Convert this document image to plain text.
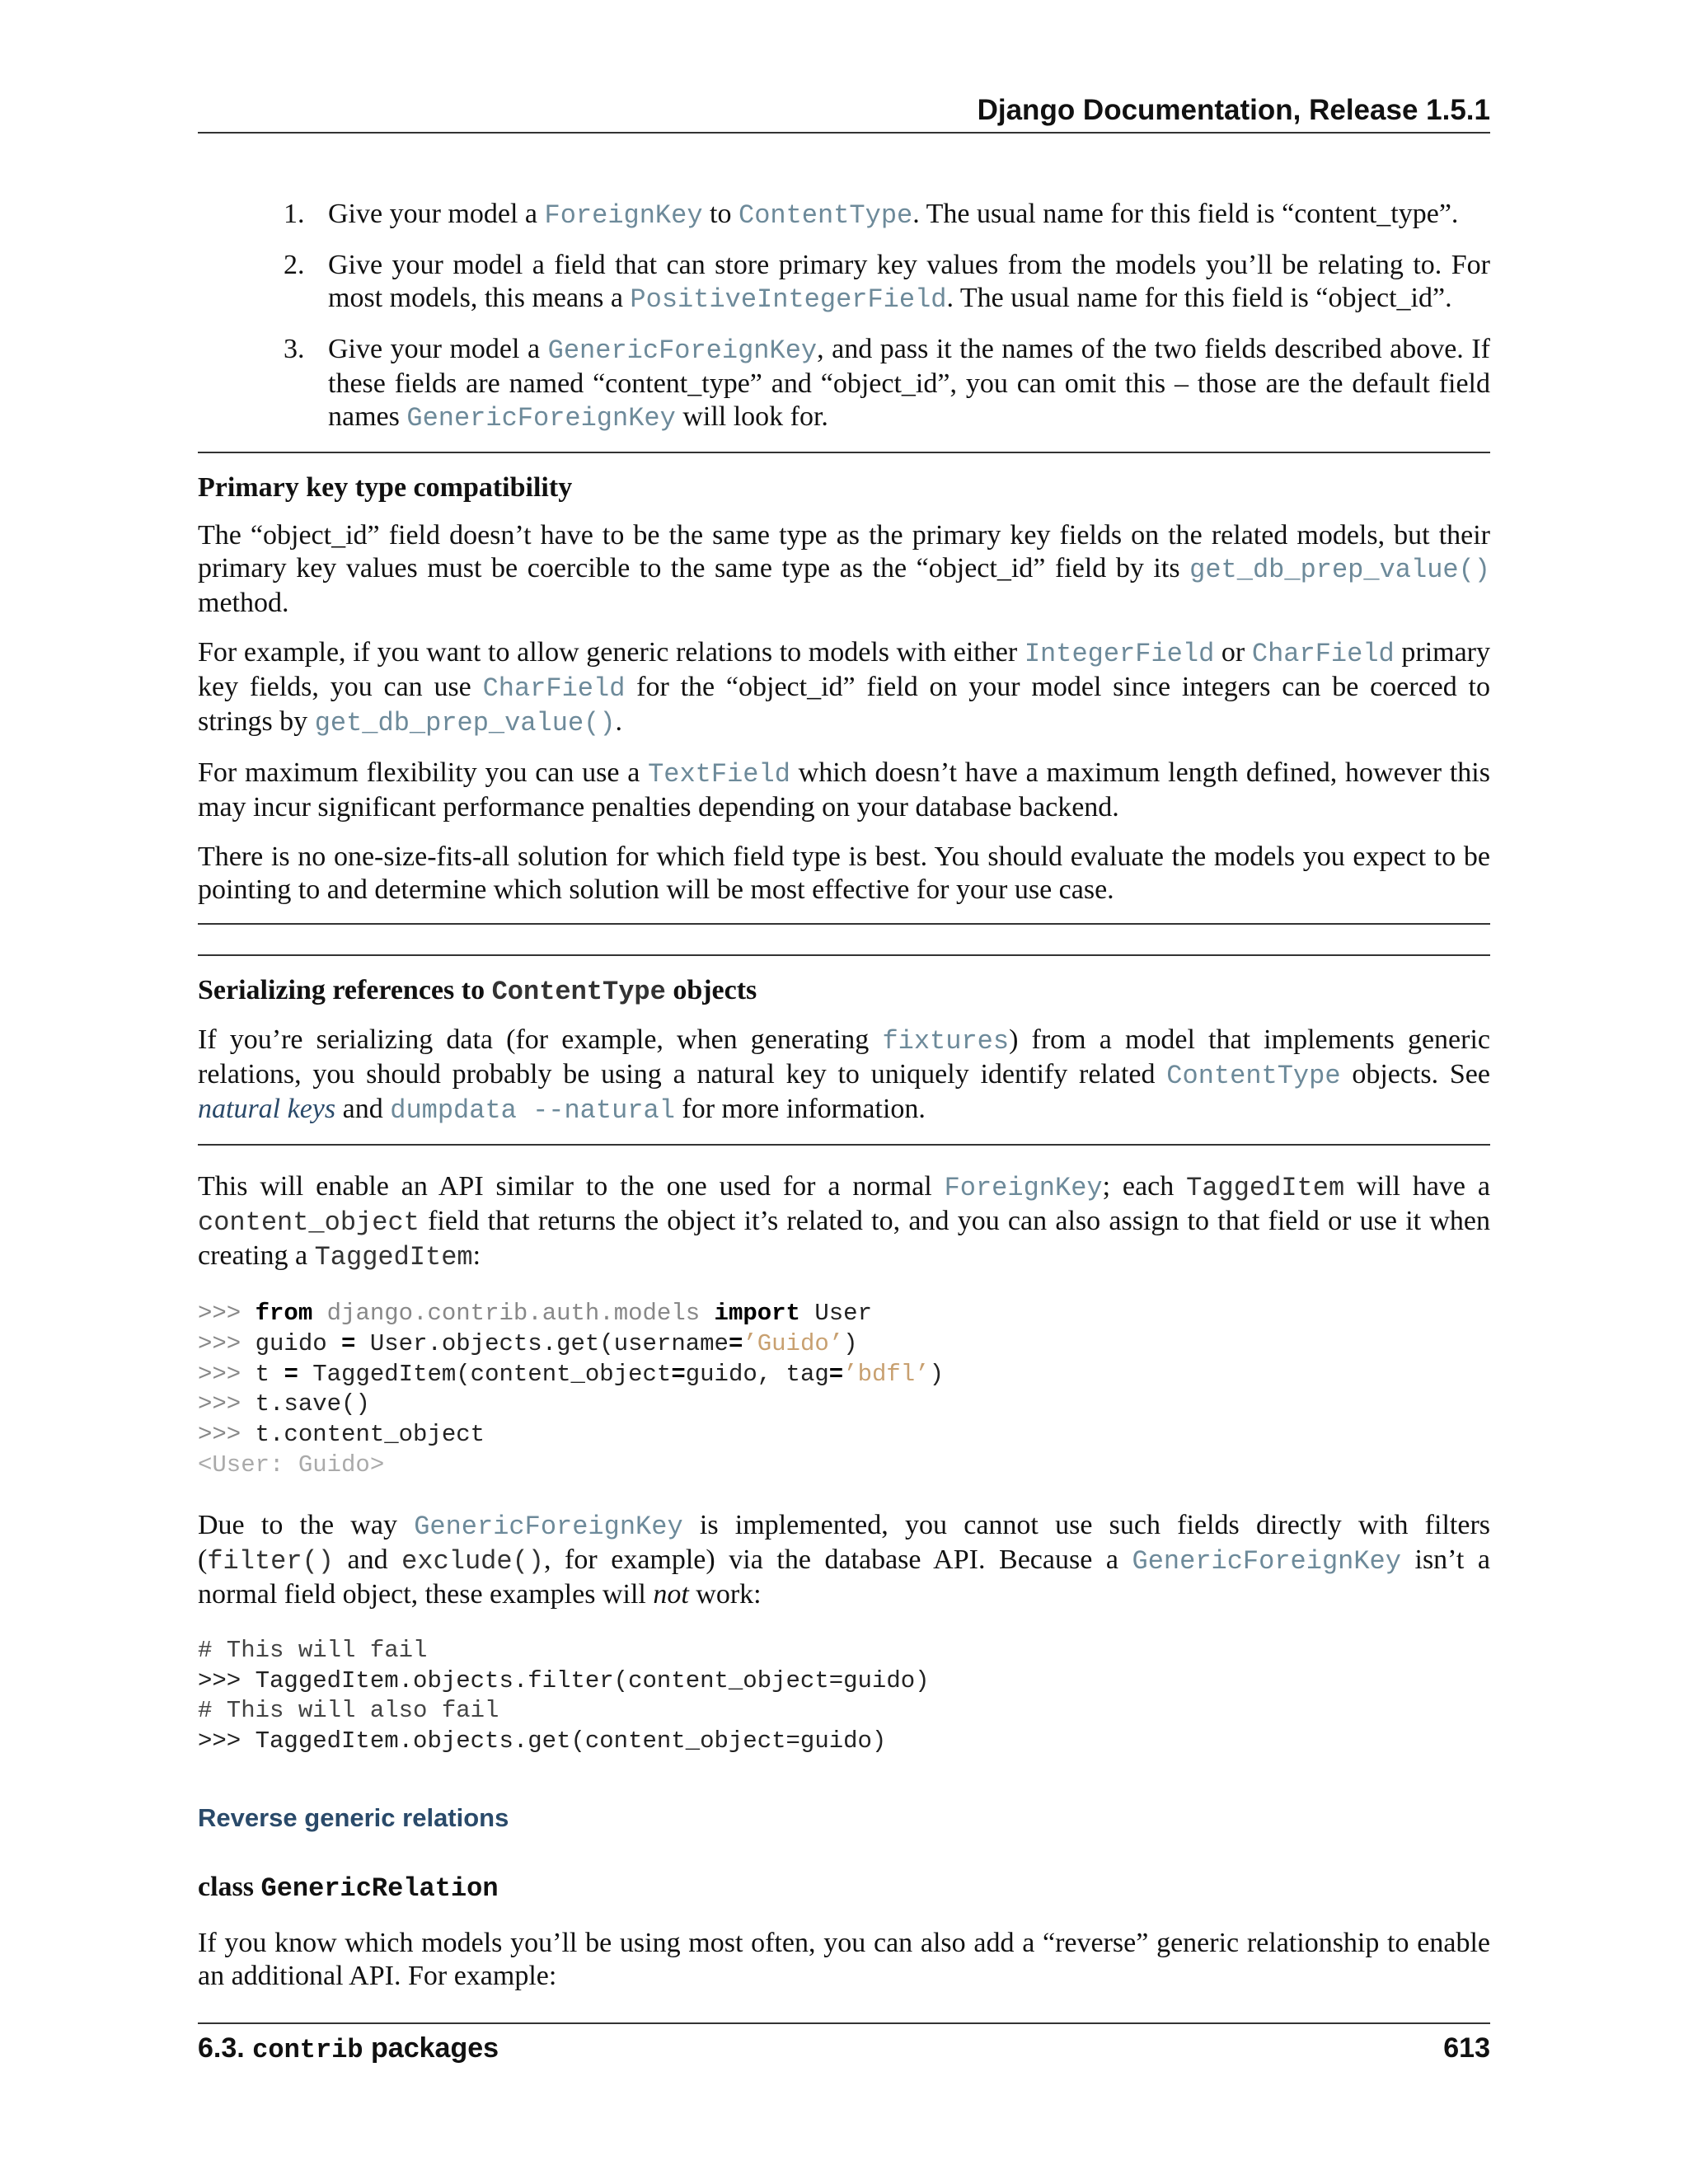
Django Documentation, Release 1.5.1
1. Give your model a ForeignKey to ContentType. The usual name for this field is “content_type”.
2. Give your model a field that can store primary key values from the models you’ll be relating to. For most models, this means a PositiveIntegerField. The usual name for this field is “object_id”.
3. Give your model a GenericForeignKey, and pass it the names of the two fields described above. If these fields are named “content_type” and “object_id”, you can omit this – those are the default field names GenericForeignKey will look for.
Primary key type compatibility

The “object_id” field doesn’t have to be the same type as the primary key fields on the related models, but their primary key values must be coercible to the same type as the “object_id” field by its get_db_prep_value() method.

For example, if you want to allow generic relations to models with either IntegerField or CharField primary key fields, you can use CharField for the “object_id” field on your model since integers can be coerced to strings by get_db_prep_value().

For maximum flexibility you can use a TextField which doesn’t have a maximum length defined, however this may incur significant performance penalties depending on your database backend.

There is no one-size-fits-all solution for which field type is best. You should evaluate the models you expect to be pointing to and determine which solution will be most effective for your use case.

Serializing references to ContentType objects

If you’re serializing data (for example, when generating fixtures) from a model that implements generic relations, you should probably be using a natural key to uniquely identify related ContentType objects. See natural keys and dumpdata --natural for more information.

This will enable an API similar to the one used for a normal ForeignKey; each TaggedItem will have a content_object field that returns the object it’s related to, and you can also assign to that field or use it when creating a TaggedItem:

>>> from django.contrib.auth.models import User
>>> guido = User.objects.get(username=’Guido’)
>>> t = TaggedItem(content_object=guido, tag=’bdfl’)
>>> t.save()
>>> t.content_object
<User: Guido>

Due to the way GenericForeignKey is implemented, you cannot use such fields directly with filters (filter() and exclude(), for example) via the database API. Because a GenericForeignKey isn’t a normal field object, these examples will not work:

# This will fail
>>> TaggedItem.objects.filter(content_object=guido)
# This will also fail
>>> TaggedItem.objects.get(content_object=guido)
Reverse generic relations
class GenericRelation

If you know which models you’ll be using most often, you can also add a “reverse” generic relationship to enable an additional API. For example:

6.3. contrib packages	613
